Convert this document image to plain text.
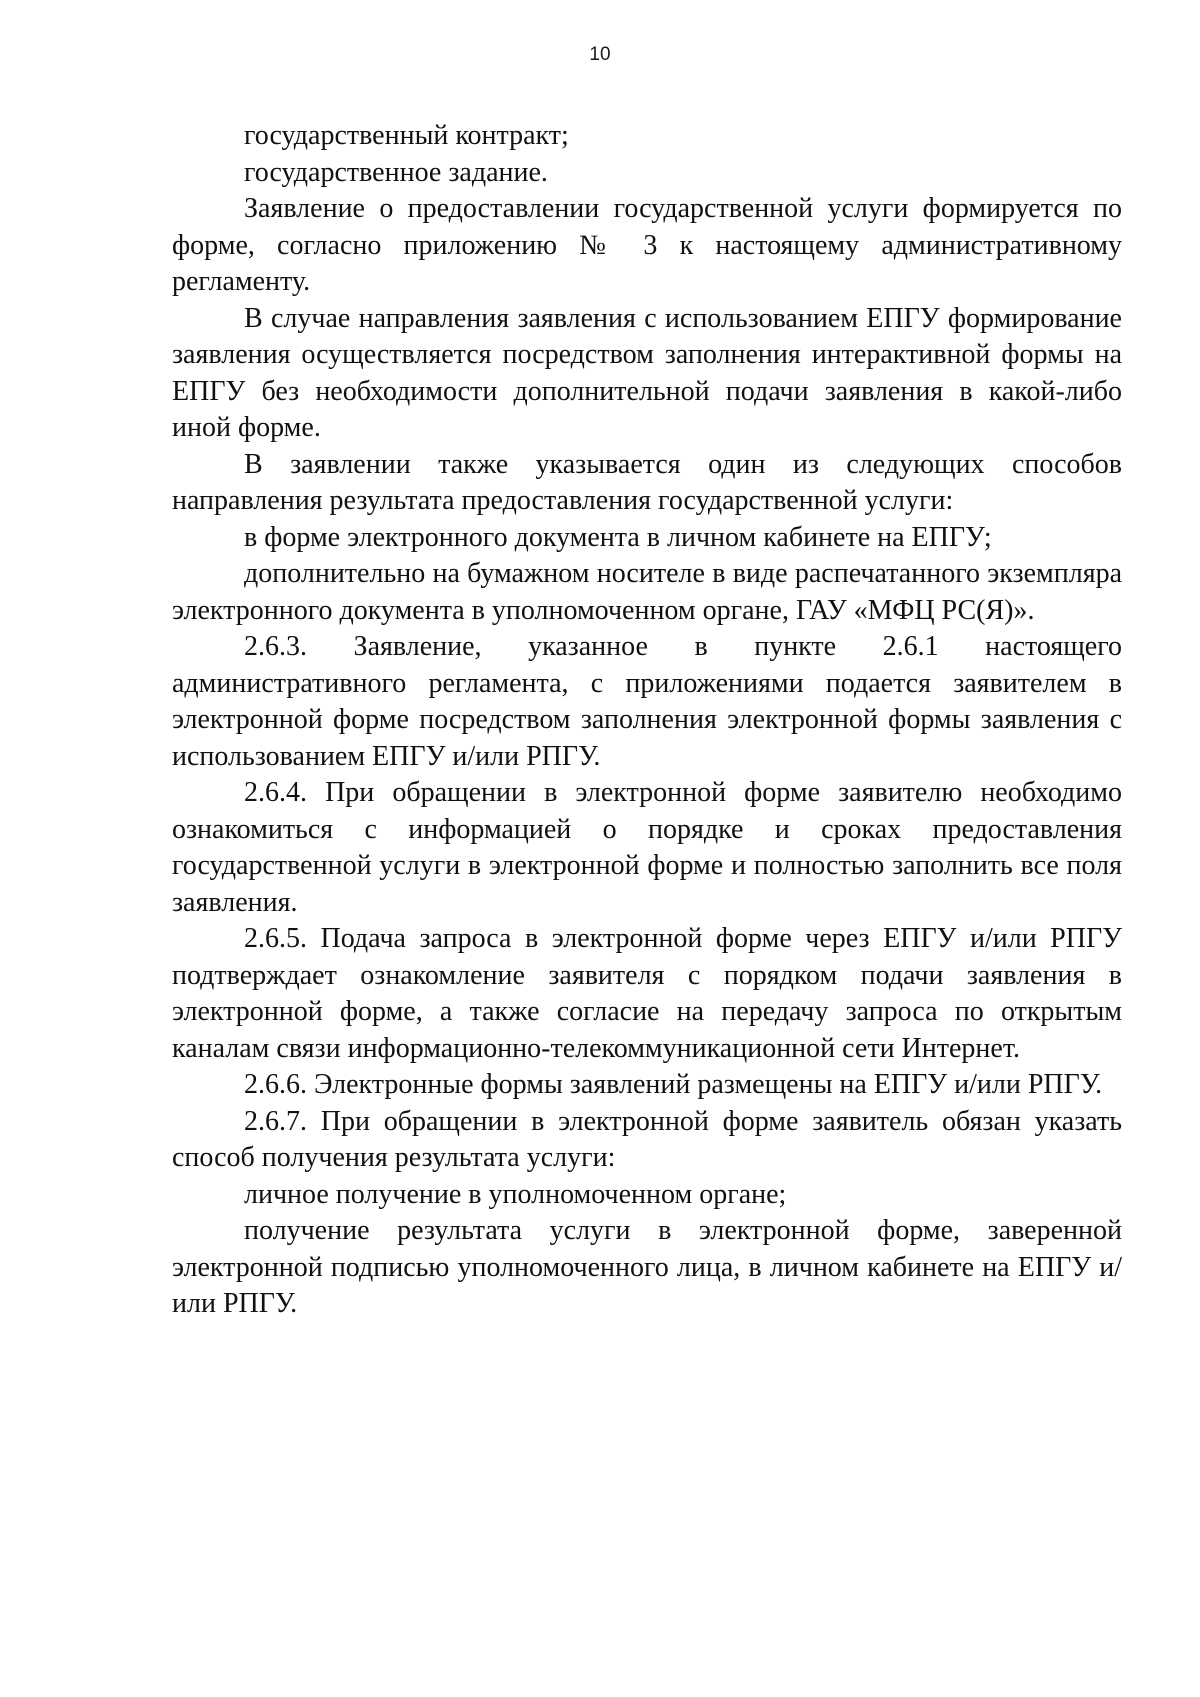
10

государственный контракт;

государственное задание.

Заявление о предоставлении государственной услуги формируется по форме, согласно приложению № 3 к настоящему административному регламенту.

В случае направления заявления с использованием ЕПГУ формирование заявления осуществляется посредством заполнения интерактивной формы на ЕПГУ без необходимости дополнительной подачи заявления в какой-либо иной форме.

В заявлении также указывается один из следующих способов направления результата предоставления государственной услуги:

в форме электронного документа в личном кабинете на ЕПГУ;

дополнительно на бумажном носителе в виде распечатанного экземпляра электронного документа в уполномоченном органе, ГАУ «МФЦ РС(Я)».

2.6.3. Заявление, указанное в пункте 2.6.1 настоящего административного регламента, с приложениями подается заявителем в электронной форме посредством заполнения электронной формы заявления с использованием ЕПГУ и/или РПГУ.

2.6.4. При обращении в электронной форме заявителю необходимо ознакомиться с информацией о порядке и сроках предоставления государственной услуги в электронной форме и полностью заполнить все поля заявления.

2.6.5. Подача запроса в электронной форме через ЕПГУ и/или РПГУ подтверждает ознакомление заявителя с порядком подачи заявления в электронной форме, а также согласие на передачу запроса по открытым каналам связи информационно-телекоммуникационной сети Интернет.

2.6.6. Электронные формы заявлений размещены на ЕПГУ и/или РПГУ.

2.6.7. При обращении в электронной форме заявитель обязан указать способ получения результата услуги:

личное получение в уполномоченном органе;

получение результата услуги в электронной форме, заверенной электронной подписью уполномоченного лица, в личном кабинете на ЕПГУ и/или РПГУ.
